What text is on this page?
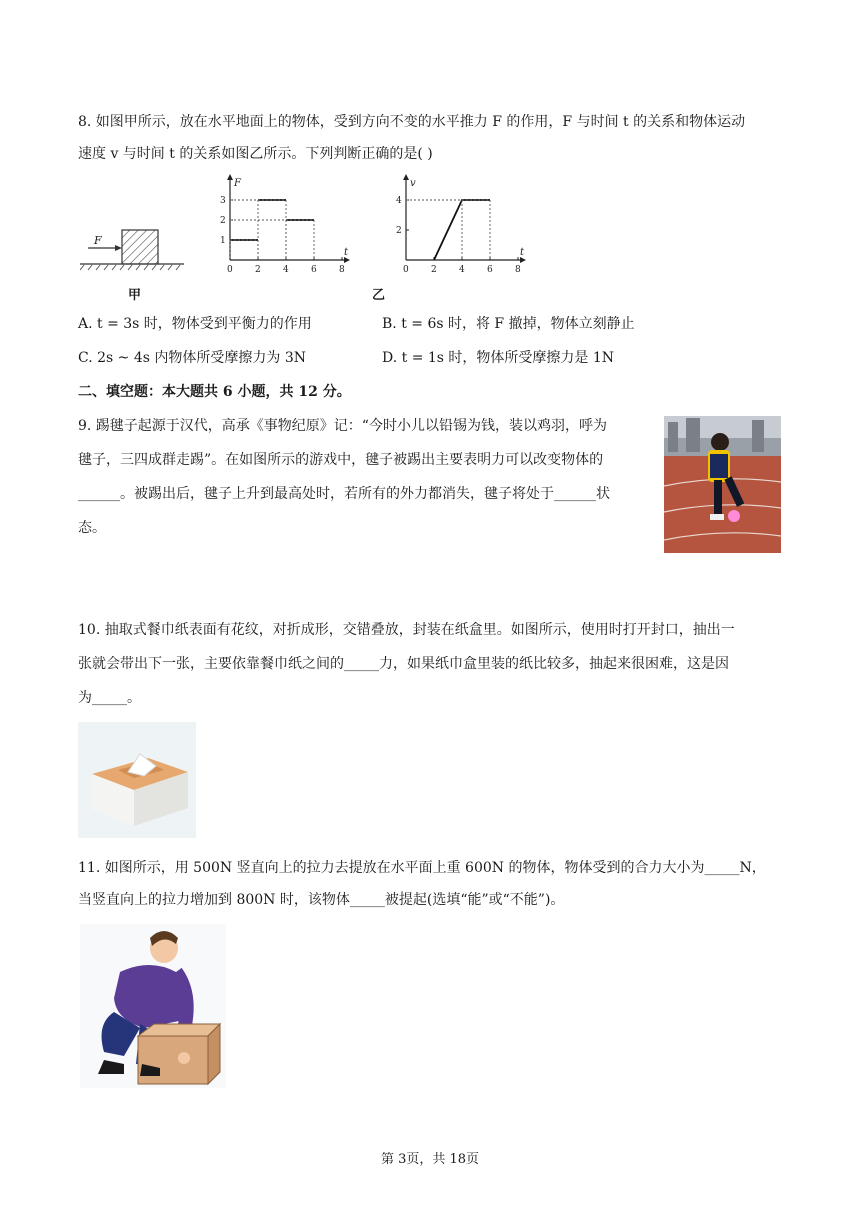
8. 如图甲所示，放在水平地面上的物体，受到方向不变的水平推力 F 的作用，F 与时间 t 的关系和物体运动
速度 v 与时间 t 的关系如图乙所示。下列判断正确的是( )
F
甲
F
t
0 2 4 6 8
1
2
3
v
t
0 2 4 6 8
2
4
乙
A. t = 3s 时，物体受到平衡力的作用	B. t = 6s 时，将 F 撤掉，物体立刻静止
C. 2s ~ 4s 内物体所受摩擦力为 3N	D. t = 1s 时，物体所受摩擦力是 1N
二、填空题：本大题共 6 小题，共 12 分。
9. 踢毽子起源于汉代，高承《事物纪原》记：“今时小儿以铅锡为钱，装以鸡羽，呼为
毽子，三四成群走踢”。在如图所示的游戏中，毽子被踢出主要表明力可以改变物体的
______。被踢出后，毽子上升到最高处时，若所有的外力都消失，毽子将处于______状
态。
10. 抽取式餐巾纸表面有花纹，对折成形，交错叠放，封装在纸盒里。如图所示，使用时打开封口，抽出一
张就会带出下一张，主要依靠餐巾纸之间的_____力，如果纸巾盒里装的纸比较多，抽起来很困难，这是因
为_____。
11. 如图所示，用 500N 竖直向上的拉力去提放在水平面上重 600N 的物体，物体受到的合力大小为_____N，
当竖直向上的拉力增加到 800N 时，该物体_____被提起(选填“能”或“不能”)。
第 3页，共 18页
